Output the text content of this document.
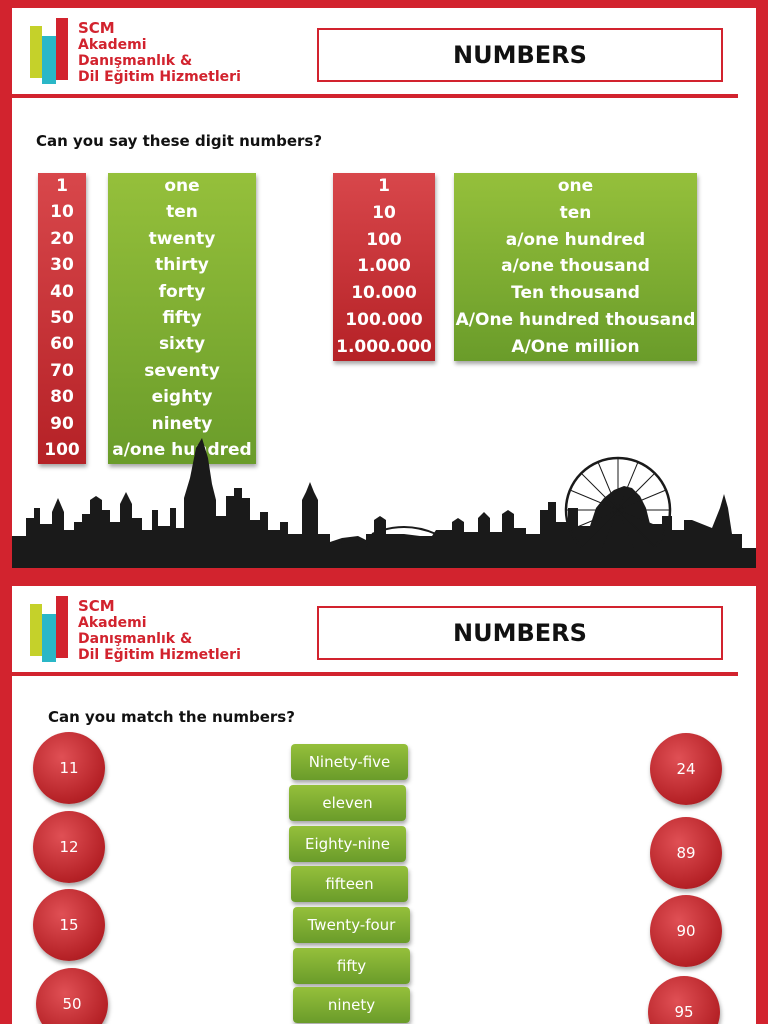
SCM
Akademi
Danışmanlık &
Dil Eğitim Hizmetleri
NUMBERS
Can you say these digit numbers?
1
10
20
30
40
50
60
70
80
90
100
one
ten
twenty
thirty
forty
fifty
sixty
seventy
eighty
ninety
a/one hundred
1
10
100
1.000
10.000
100.000
1.000.000
one
ten
a/one hundred
a/one thousand
Ten thousand
A/One hundred thousand
A/One million
SCM
Akademi
Danışmanlık &
Dil Eğitim Hizmetleri
NUMBERS
Can you match the numbers?
11
12
15
50
Ninety-five
eleven
Eighty-nine
fifteen
Twenty-four
fifty
ninety
24
89
90
95
